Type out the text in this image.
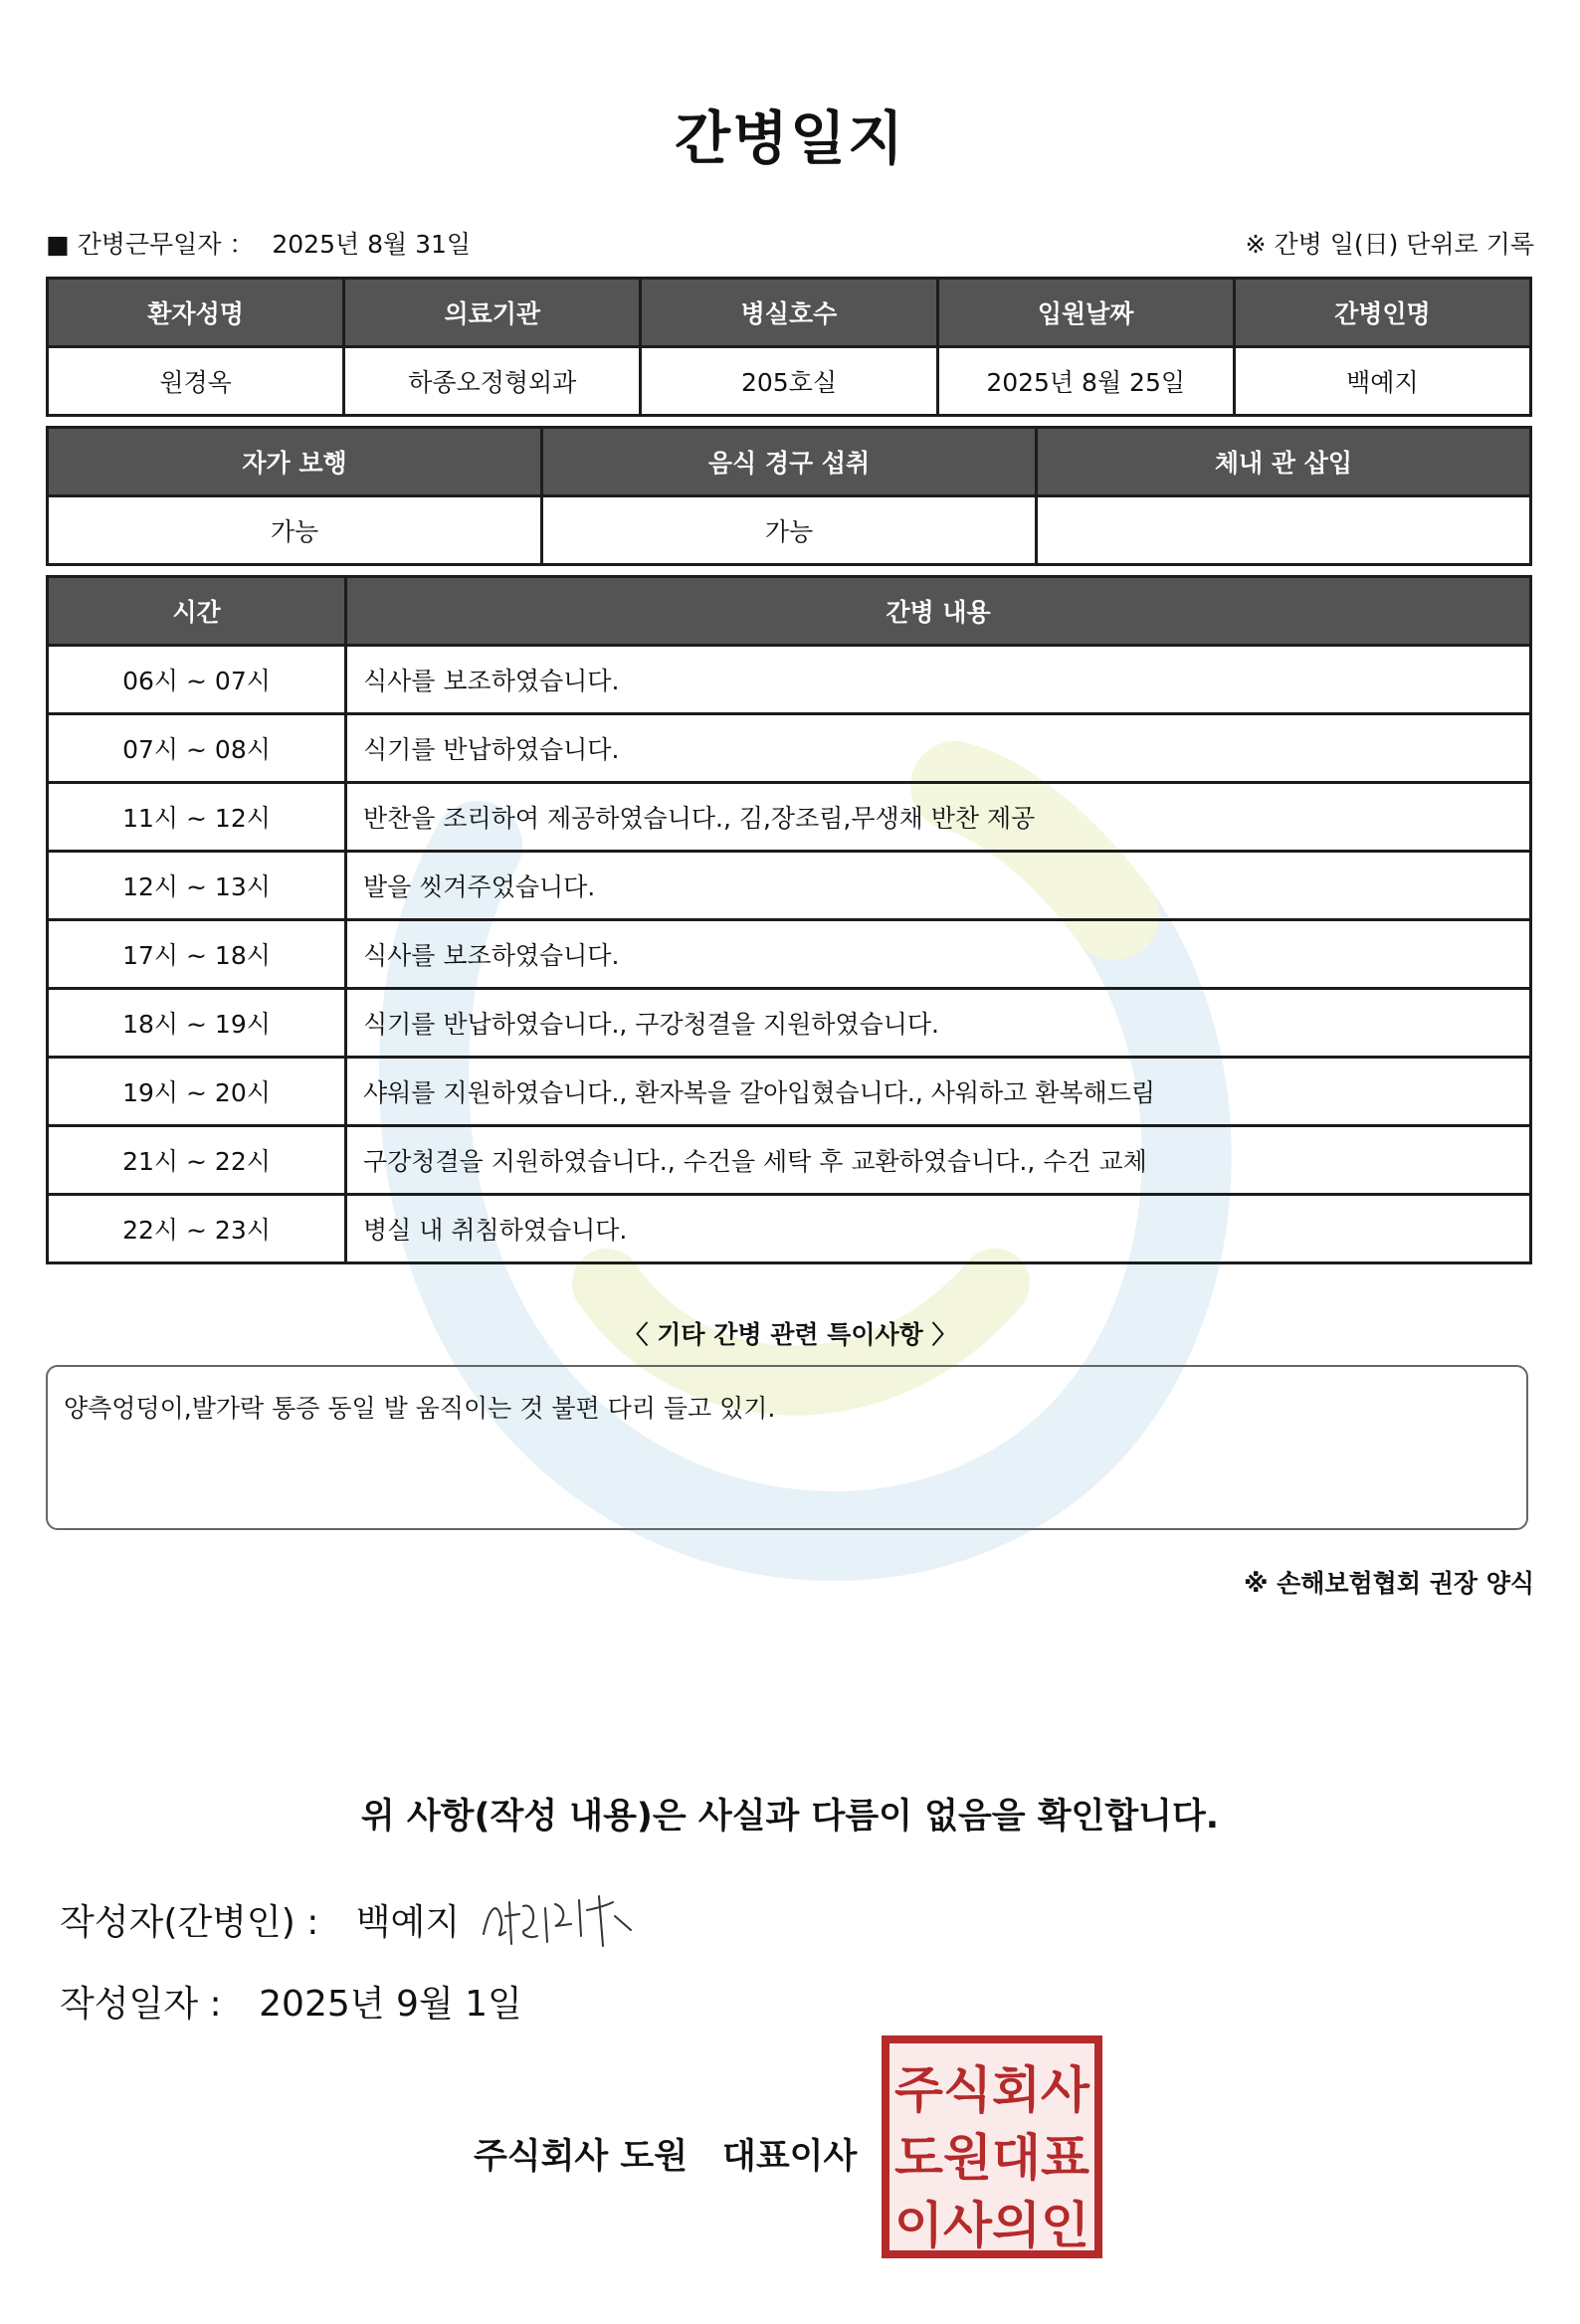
간병일지
■ 간병근무일자 ： 2025년 8월 31일	※ 간병 일(日) 단위로 기록
환자성명	의료기관	병실호수	입원날짜	간병인명
원경옥	하종오정형외과	205호실	2025년 8월 25일	백예지
자가 보행	음식 경구 섭취	체내 관 삽입
가능	가능	
시간	간병 내용
06시 ~ 07시	식사를 보조하였습니다.
07시 ~ 08시	식기를 반납하였습니다.
11시 ~ 12시	반찬을 조리하여 제공하였습니다., 김,장조림,무생채 반찬 제공
12시 ~ 13시	발을 씻겨주었습니다.
17시 ~ 18시	식사를 보조하였습니다.
18시 ~ 19시	식기를 반납하였습니다., 구강청결을 지원하였습니다.
19시 ~ 20시	샤워를 지원하였습니다., 환자복을 갈아입혔습니다., 사워하고 환복해드림
21시 ~ 22시	구강청결을 지원하였습니다., 수건을 세탁 후 교환하였습니다., 수건 교체
22시 ~ 23시	병실 내 취침하였습니다.
〈 기타 간병 관련 특이사항 〉
양측엉덩이,발가락 통증 동일 발 움직이는 것 불편 다리 들고 있기.
※ 손해보험협회 권장 양식
위 사항(작성 내용)은 사실과 다름이 없음을 확인합니다.
작성자(간병인) : 백예지
작성일자 : 2025년 9월 1일
주식회사 도원　대표이사
주식회사
도원대표
이사의인
